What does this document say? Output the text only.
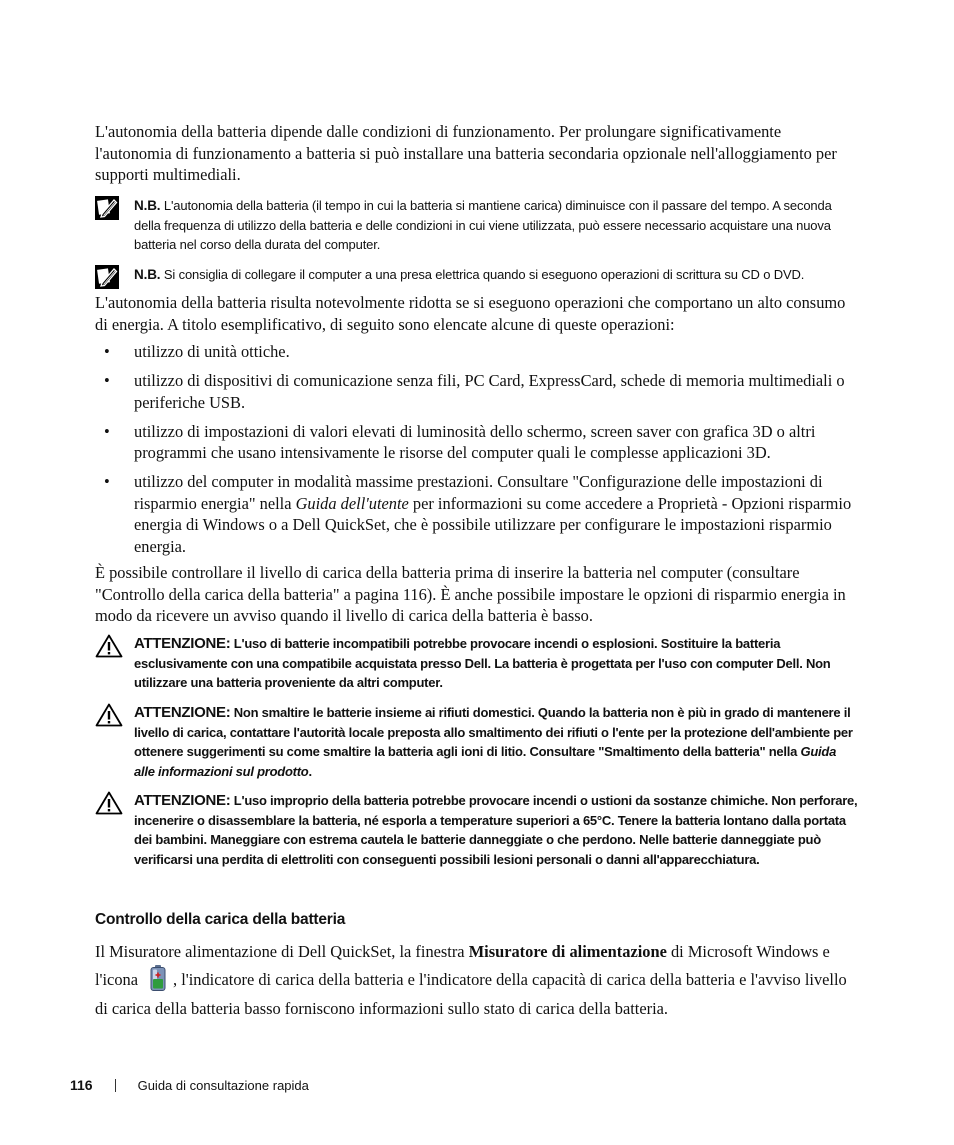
L'autonomia della batteria dipende dalle condizioni di funzionamento. Per prolungare significativamente l'autonomia di funzionamento a batteria si può installare una batteria secondaria opzionale nell'alloggiamento per supporti multimediali.

N.B. L'autonomia della batteria (il tempo in cui la batteria si mantiene carica) diminuisce con il passare del tempo. A seconda della frequenza di utilizzo della batteria e delle condizioni in cui viene utilizzata, può essere necessario acquistare una nuova batteria nel corso della durata del computer.

N.B. Si consiglia di collegare il computer a una presa elettrica quando si eseguono operazioni di scrittura su CD o DVD.

L'autonomia della batteria risulta notevolmente ridotta se si eseguono operazioni che comportano un alto consumo di energia. A titolo esemplificativo, di seguito sono elencate alcune di queste operazioni:

• utilizzo di unità ottiche.
• utilizzo di dispositivi di comunicazione senza fili, PC Card, ExpressCard, schede di memoria multimediali o periferiche USB.
• utilizzo di impostazioni di valori elevati di luminosità dello schermo, screen saver con grafica 3D o altri programmi che usano intensivamente le risorse del computer quali le complesse applicazioni 3D.
• utilizzo del computer in modalità massime prestazioni. Consultare "Configurazione delle impostazioni di risparmio energia" nella Guida dell'utente per informazioni su come accedere a Proprietà - Opzioni risparmio energia di Windows o a Dell QuickSet, che è possibile utilizzare per configurare le impostazioni risparmio energia.

È possibile controllare il livello di carica della batteria prima di inserire la batteria nel computer (consultare "Controllo della carica della batteria" a pagina 116). È anche possibile impostare le opzioni di risparmio energia in modo da ricevere un avviso quando il livello di carica della batteria è basso.

ATTENZIONE: L'uso di batterie incompatibili potrebbe provocare incendi o esplosioni. Sostituire la batteria esclusivamente con una compatibile acquistata presso Dell. La batteria è progettata per l'uso con computer Dell. Non utilizzare una batteria proveniente da altri computer.

ATTENZIONE: Non smaltire le batterie insieme ai rifiuti domestici. Quando la batteria non è più in grado di mantenere il livello di carica, contattare l'autorità locale preposta allo smaltimento dei rifiuti o l'ente per la protezione dell'ambiente per ottenere suggerimenti su come smaltire la batteria agli ioni di litio. Consultare "Smaltimento della batteria" nella Guida alle informazioni sul prodotto.

ATTENZIONE: L'uso improprio della batteria potrebbe provocare incendi o ustioni da sostanze chimiche. Non perforare, incenerire o disassemblare la batteria, né esporla a temperature superiori a 65°C. Tenere la batteria lontano dalla portata dei bambini. Maneggiare con estrema cautela le batterie danneggiate o che perdono. Nelle batterie danneggiate può verificarsi una perdita di elettroliti con conseguenti possibili lesioni personali o danni all'apparecchiatura.

Controllo della carica della batteria

Il Misuratore alimentazione di Dell QuickSet, la finestra Misuratore di alimentazione di Microsoft Windows e l'icona , l'indicatore di carica della batteria e l'indicatore della capacità di carica della batteria e l'avviso livello di carica della batteria basso forniscono informazioni sullo stato di carica della batteria.

116	Guida di consultazione rapida
